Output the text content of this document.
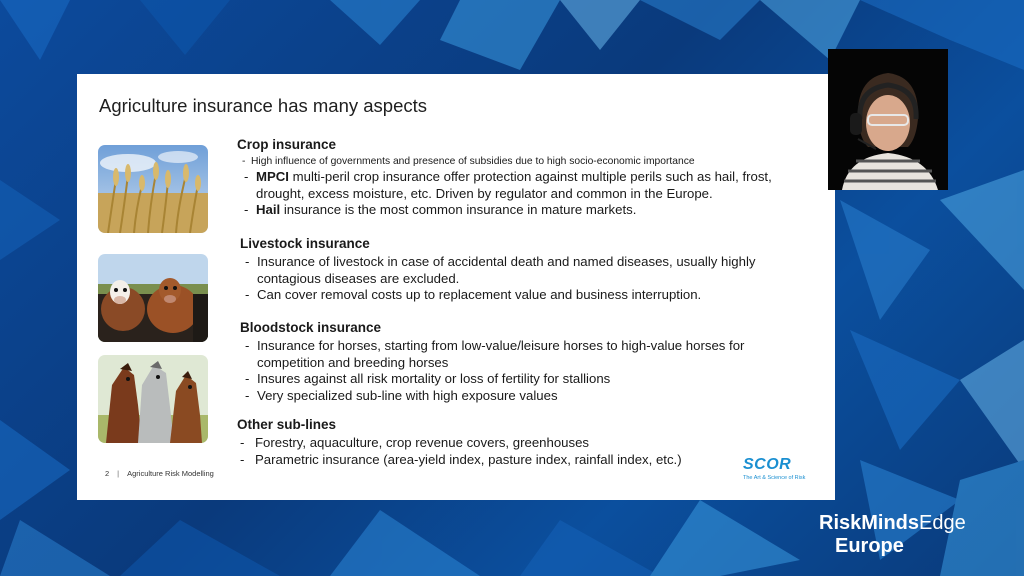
Agriculture insurance has many aspects
Crop insurance
- High influence of governments and presence of subsidies due to high socio-economic importance
- MPCI multi-peril crop insurance offer protection against multiple perils such as hail, frost, drought, excess moisture, etc. Driven by regulator and common in the Europe.
- Hail insurance is the most common insurance in mature markets.
Livestock insurance
- Insurance of livestock in case of accidental death and named diseases, usually highly contagious diseases are excluded.
- Can cover removal costs up to replacement value and business interruption.
Bloodstock insurance
- Insurance for horses, starting from low-value/leisure horses to high-value horses for competition and breeding horses
- Insures against all risk mortality or loss of fertility for stallions
- Very specialized sub-line with high exposure values
Other sub-lines
- Forestry, aquaculture, crop revenue covers, greenhouses
- Parametric insurance (area-yield index, pasture index, rainfall index, etc.)
2 | Agriculture Risk Modelling
SCOR
The Art & Science of Risk
RiskMindsEdge
Europe
